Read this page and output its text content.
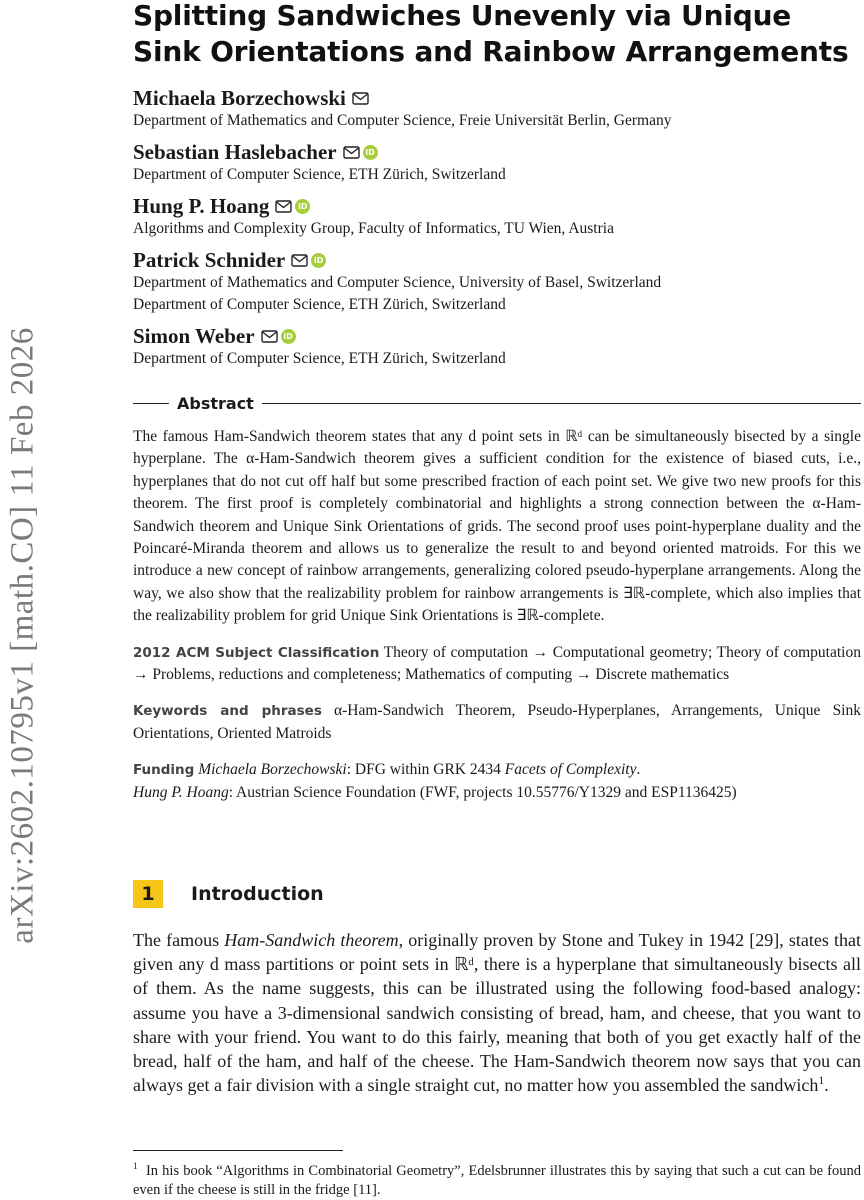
arXiv:2602.10795v1 [math.CO] 11 Feb 2026
Splitting Sandwiches Unevenly via Unique Sink Orientations and Rainbow Arrangements
Michaela Borzechowski
Department of Mathematics and Computer Science, Freie Universität Berlin, Germany
Sebastian Haslebacher	iD
Department of Computer Science, ETH Zürich, Switzerland
Hung P. Hoang	iD
Algorithms and Complexity Group, Faculty of Informatics, TU Wien, Austria
Patrick Schnider	iD
Department of Mathematics and Computer Science, University of Basel, Switzerland
Department of Computer Science, ETH Zürich, Switzerland
Simon Weber	iD
Department of Computer Science, ETH Zürich, Switzerland
Abstract

The famous Ham-Sandwich theorem states that any d point sets in ℝᵈ can be simultaneously bisected by a single hyperplane. The α-Ham-Sandwich theorem gives a sufficient condition for the existence of biased cuts, i.e., hyperplanes that do not cut off half but some prescribed fraction of each point set. We give two new proofs for this theorem. The first proof is completely combinatorial and highlights a strong connection between the α-Ham-Sandwich theorem and Unique Sink Orientations of grids. The second proof uses point-hyperplane duality and the Poincaré-Miranda theorem and allows us to generalize the result to and beyond oriented matroids. For this we introduce a new concept of rainbow arrangements, generalizing colored pseudo-hyperplane arrangements. Along the way, we also show that the realizability problem for rainbow arrangements is ∃ℝ-complete, which also implies that the realizability problem for grid Unique Sink Orientations is ∃ℝ-complete.

2012 ACM Subject Classification Theory of computation → Computational geometry; Theory of computation → Problems, reductions and completeness; Mathematics of computing → Discrete mathematics

Keywords and phrases α-Ham-Sandwich Theorem, Pseudo-Hyperplanes, Arrangements, Unique Sink Orientations, Oriented Matroids

Funding Michaela Borzechowski: DFG within GRK 2434 Facets of Complexity.
Hung P. Hoang: Austrian Science Foundation (FWF, projects 10.55776/Y1329 and ESP1136425)

1	Introduction

The famous Ham-Sandwich theorem, originally proven by Stone and Tukey in 1942 [29], states that given any d mass partitions or point sets in ℝᵈ, there is a hyperplane that simultaneously bisects all of them. As the name suggests, this can be illustrated using the following food-based analogy: assume you have a 3-dimensional sandwich consisting of bread, ham, and cheese, that you want to share with your friend. You want to do this fairly, meaning that both of you get exactly half of the bread, half of the ham, and half of the cheese. The Ham-Sandwich theorem now says that you can always get a fair division with a single straight cut, no matter how you assembled the sandwich$^1$.

$^1$ In his book “Algorithms in Combinatorial Geometry”, Edelsbrunner illustrates this by saying that such a cut can be found even if the cheese is still in the fridge [11].
